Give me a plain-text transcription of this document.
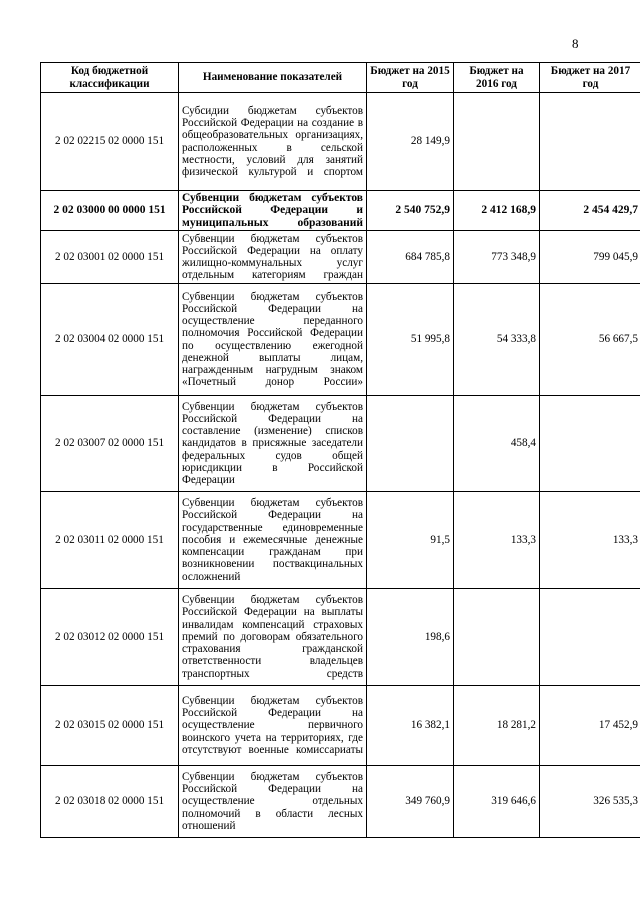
8
Код бюджетной классификации	Наименование показателей	Бюджет на 2015 год	Бюджет на 2016 год	Бюджет на 2017 год
2 02 02215 02 0000 151	Субсидии бюджетам субъектов Российской Федерации на создание в общеобразовательных организациях, расположенных в сельской местности, условий для занятий физической культурой и спортом	28 149,9		
2 02 03000 00 0000 151	Субвенции бюджетам субъектов Российской Федерации и муниципальных образований	2 540 752,9	2 412 168,9	2 454 429,7
2 02 03001 02 0000 151	Субвенции бюджетам субъектов Российской Федерации на оплату жилищно-коммунальных услуг отдельным категориям граждан	684 785,8	773 348,9	799 045,9
2 02 03004 02 0000 151	Субвенции бюджетам субъектов Российской Федерации на осуществление переданного полномочия Российской Федерации по осуществлению ежегодной денежной выплаты лицам, награжденным нагрудным знаком «Почетный донор России»	51 995,8	54 333,8	56 667,5
2 02 03007 02 0000 151	Субвенции бюджетам субъектов Российской Федерации на составление (изменение) списков кандидатов в присяжные заседатели федеральных судов общей юрисдикции в Российской Федерации		458,4	
2 02 03011 02 0000 151	Субвенции бюджетам субъектов Российской Федерации на государственные единовременные пособия и ежемесячные денежные компенсации гражданам при возникновении поствакцинальных осложнений	91,5	133,3	133,3
2 02 03012 02 0000 151	Субвенции бюджетам субъектов Российской Федерации на выплаты инвалидам компенсаций страховых премий по договорам обязательного страхования гражданской ответственности владельцев транспортных средств	198,6		
2 02 03015 02 0000 151	Субвенции бюджетам субъектов Российской Федерации на осуществление первичного воинского учета на территориях, где отсутствуют военные комиссариаты	16 382,1	18 281,2	17 452,9
2 02 03018 02 0000 151	Субвенции бюджетам субъектов Российской Федерации на осуществление отдельных полномочий в области лесных отношений	349 760,9	319 646,6	326 535,3
